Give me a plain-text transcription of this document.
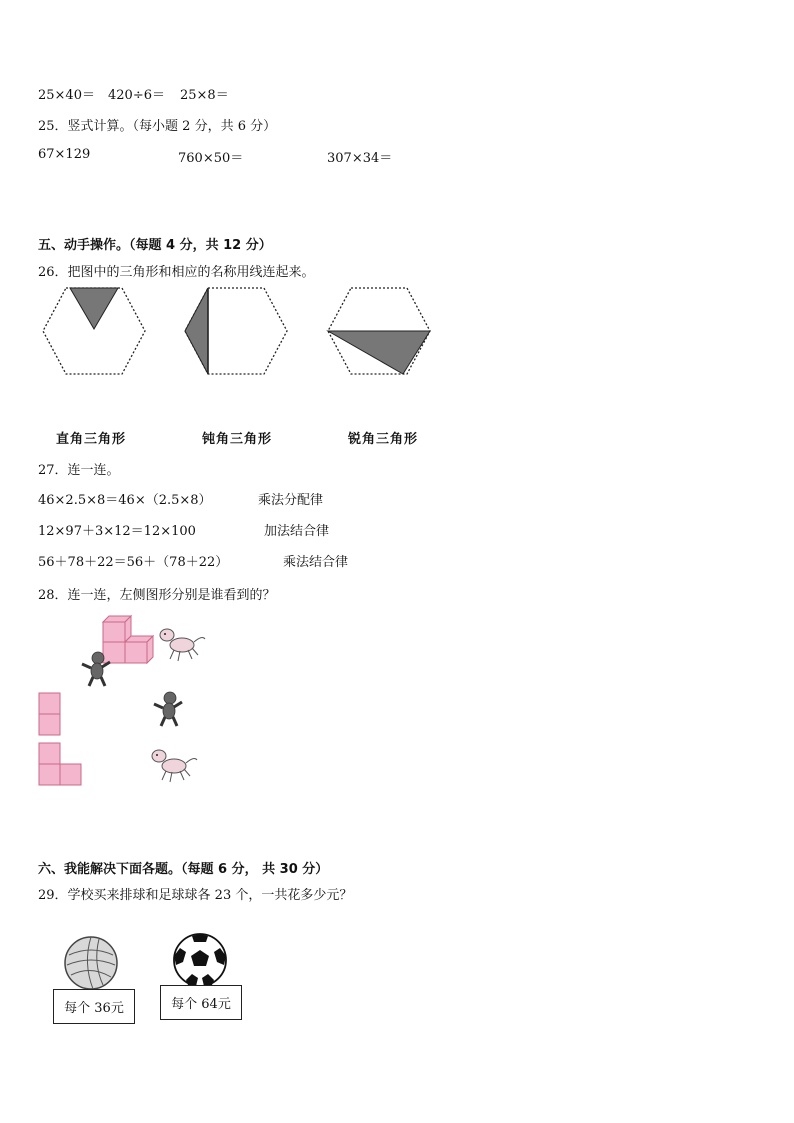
25×40＝ 420÷6＝ 25×8＝
25．竖式计算。（每小题 2 分，共 6 分）
67×129	760×50＝	307×34＝
五、动手操作。（每题 4 分，共 12 分）
26．把图中的三角形和相应的名称用线连起来。
直角三角形	钝角三角形	锐角三角形
27．连一连。
46×2.5×8＝46×（2.5×8）
12×97＋3×12＝12×100
56＋78＋22＝56＋（78＋22）
乘法分配律
加法结合律
乘法结合律
28．连一连，左侧图形分别是谁看到的？
六、我能解决下面各题。（每题 6 分， 共 30 分）
29．学校买来排球和足球球各 23 个，一共花多少元？
每个 36元	每个 64元
